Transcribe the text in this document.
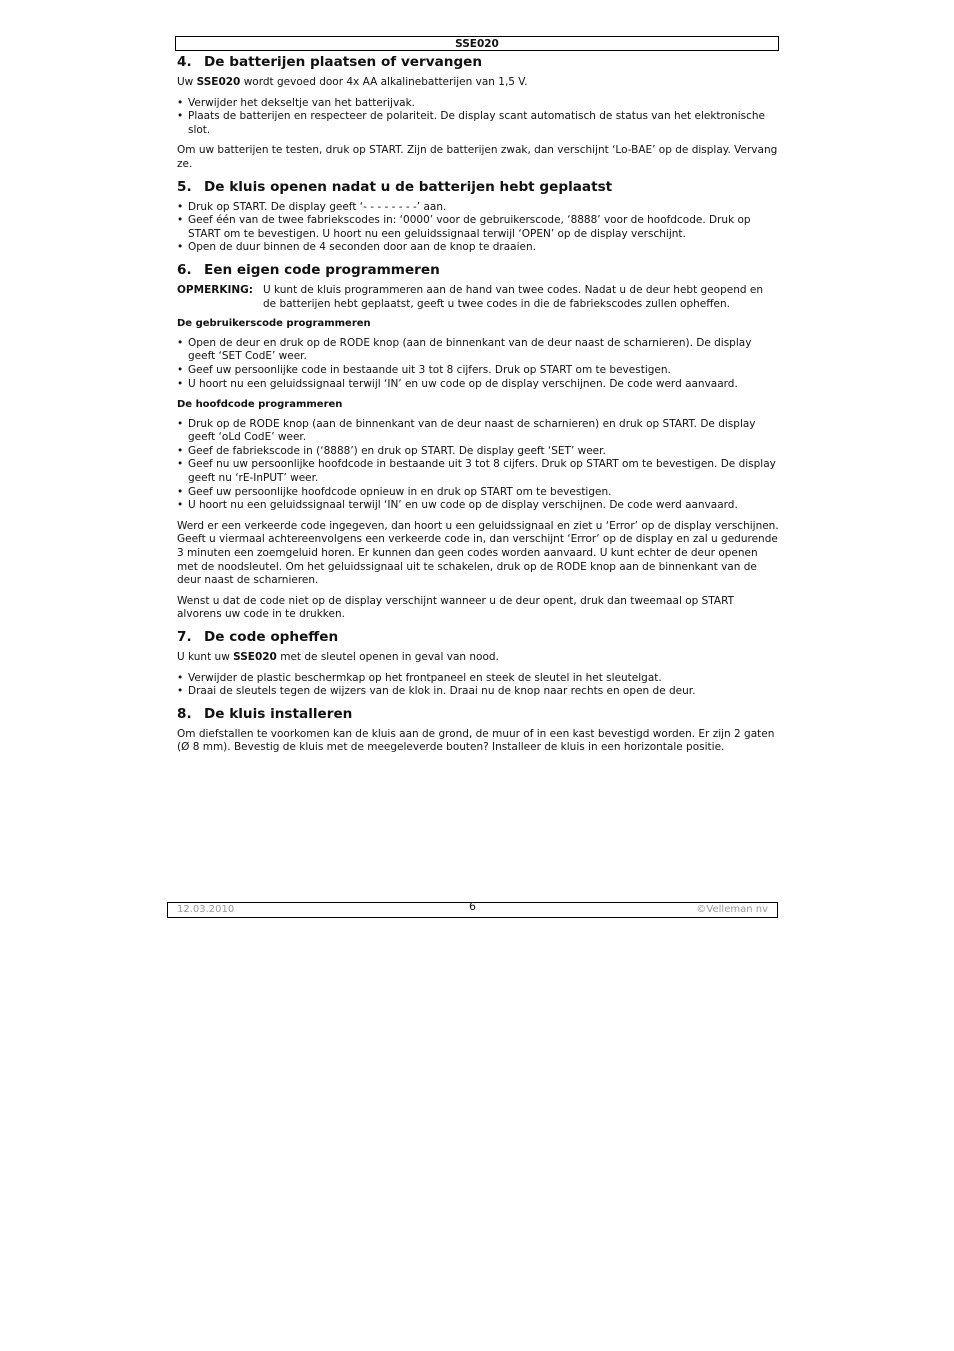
SSE020
4. De batterijen plaatsen of vervangen

Uw SSE020 wordt gevoed door 4x AA alkalinebatterijen van 1,5 V.

• Verwijder het dekseltje van het batterijvak.
• Plaats de batterijen en respecteer de polariteit. De display scant automatisch de status van het elektronische slot.

Om uw batterijen te testen, druk op START. Zijn de batterijen zwak, dan verschijnt ‘Lo-BAE’ op de display. Vervang ze.

5. De kluis openen nadat u de batterijen hebt geplaatst
• Druk op START. De display geeft ‘- - - - - - - -’ aan.
• Geef één van de twee fabriekscodes in: ‘0000’ voor de gebruikerscode, ‘8888’ voor de hoofdcode. Druk op START om te bevestigen. U hoort nu een geluidssignaal terwijl ‘OPEN’ op de display verschijnt.
• Open de duur binnen de 4 seconden door aan de knop te draaien.
6. Een eigen code programmeren
OPMERKING: U kunt de kluis programmeren aan de hand van twee codes. Nadat u de deur hebt geopend en de batterijen hebt geplaatst, geeft u twee codes in die de fabriekscodes zullen opheffen.

De gebruikerscode programmeren

• Open de deur en druk op de RODE knop (aan de binnenkant van de deur naast de scharnieren). De display geeft ‘SET CodE’ weer.
• Geef uw persoonlijke code in bestaande uit 3 tot 8 cijfers. Druk op START om te bevestigen.
• U hoort nu een geluidssignaal terwijl ‘IN’ en uw code op de display verschijnen. De code werd aanvaard.

De hoofdcode programmeren

• Druk op de RODE knop (aan de binnenkant van de deur naast de scharnieren) en druk op START. De display geeft ‘oLd CodE’ weer.
• Geef de fabriekscode in (‘8888’) en druk op START. De display geeft ‘SET’ weer.
• Geef nu uw persoonlijke hoofdcode in bestaande uit 3 tot 8 cijfers. Druk op START om te bevestigen. De display geeft nu ‘rE-InPUT’ weer.
• Geef uw persoonlijke hoofdcode opnieuw in en druk op START om te bevestigen.
• U hoort nu een geluidssignaal terwijl ‘IN’ en uw code op de display verschijnen. De code werd aanvaard.

Werd er een verkeerde code ingegeven, dan hoort u een geluidssignaal en ziet u ‘Error’ op de display verschijnen. Geeft u viermaal achtereenvolgens een verkeerde code in, dan verschijnt ‘Error’ op de display en zal u gedurende 3 minuten een zoemgeluid horen. Er kunnen dan geen codes worden aanvaard. U kunt echter de deur openen met de noodsleutel. Om het geluidssignaal uit te schakelen, druk op de RODE knop aan de binnenkant van de deur naast de scharnieren.

Wenst u dat de code niet op de display verschijnt wanneer u de deur opent, druk dan tweemaal op START alvorens uw code in te drukken.

7. De code opheffen

U kunt uw SSE020 met de sleutel openen in geval van nood.

• Verwijder de plastic beschermkap op het frontpaneel en steek de sleutel in het sleutelgat.
• Draai de sleutels tegen de wijzers van de klok in. Draai nu de knop naar rechts en open de deur.
8. De kluis installeren

Om diefstallen te voorkomen kan de kluis aan de grond, de muur of in een kast bevestigd worden. Er zijn 2 gaten (Ø 8 mm). Bevestig de kluis met de meegeleverde bouten? Installeer de kluis in een horizontale positie.

12.03.2010	6	©Velleman nv
